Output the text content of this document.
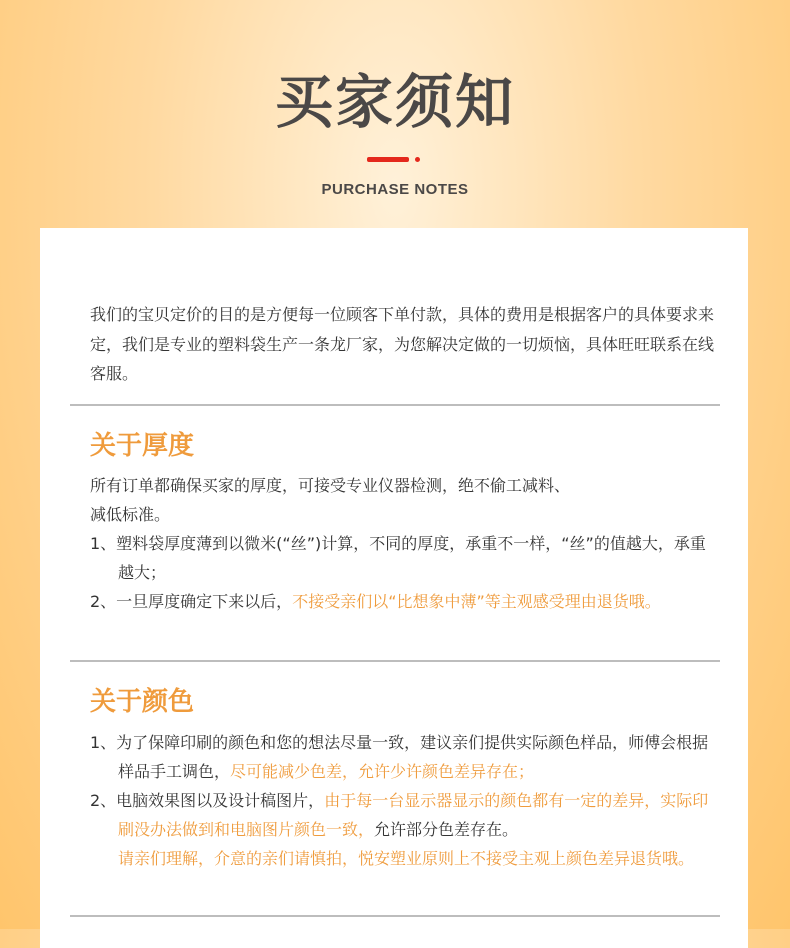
买家须知
PURCHASE NOTES
我们的宝贝定价的目的是方便每一位顾客下单付款，具体的费用是根据客户的具体要求来定，我们是专业的塑料袋生产一条龙厂家，为您解决定做的一切烦恼，具体旺旺联系在线客服。
关于厚度

所有订单都确保买家的厚度，可接受专业仪器检测，绝不偷工减料、

减低标准。

1、塑料袋厚度薄到以微米(“丝”)计算，不同的厚度，承重不一样，“丝”的值越大，承重越大；

2、一旦厚度确定下来以后，不接受亲们以“比想象中薄”等主观感受理由退货哦。

关于颜色

1、为了保障印刷的颜色和您的想法尽量一致，建议亲们提供实际颜色样品，师傅会根据样品手工调色，尽可能减少色差，允许少许颜色差异存在；

2、电脑效果图以及设计稿图片，由于每一台显示器显示的颜色都有一定的差异，实际印刷没办法做到和电脑图片颜色一致，允许部分色差存在。

请亲们理解，介意的亲们请慎拍，悦安塑业原则上不接受主观上颜色差异退货哦。
